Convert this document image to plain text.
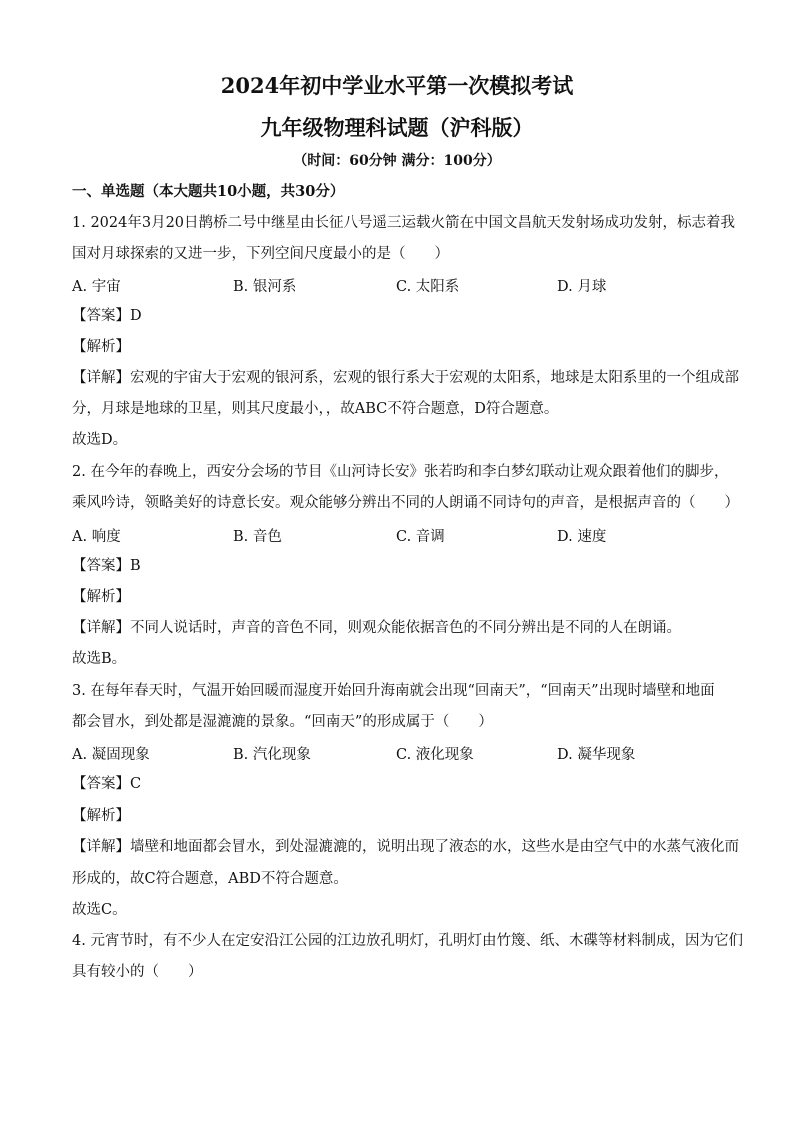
2024年初中学业水平第一次模拟考试
九年级物理科试题（沪科版）
（时间：60分钟 满分：100分）
一、单选题（本大题共10小题，共30分）
1. 2024年3月20日鹊桥二号中继星由长征八号遥三运载火箭在中国文昌航天发射场成功发射，标志着我
国对月球探索的又进一步，下列空间尺度最小的是（　　）
A. 宇宙	B. 银河系	C. 太阳系	D. 月球
【答案】D
【解析】
【详解】宏观的宇宙大于宏观的银河系，宏观的银行系大于宏观的太阳系，地球是太阳系里的一个组成部
分，月球是地球的卫星，则其尺度最小，，故ABC不符合题意，D符合题意。
故选D。
2. 在今年的春晚上，西安分会场的节目《山河诗长安》张若昀和李白梦幻联动让观众跟着他们的脚步，
乘风吟诗，领略美好的诗意长安。观众能够分辨出不同的人朗诵不同诗句的声音，是根据声音的（　　）
A. 响度	B. 音色	C. 音调	D. 速度
【答案】B
【解析】
【详解】不同人说话时，声音的音色不同，则观众能依据音色的不同分辨出是不同的人在朗诵。
故选B。
3. 在每年春天时，气温开始回暖而湿度开始回升海南就会出现“回南天”，“回南天”出现时墙壁和地面
都会冒水，到处都是湿漉漉的景象。“回南天”的形成属于（　　）
A. 凝固现象	B. 汽化现象	C. 液化现象	D. 凝华现象
【答案】C
【解析】
【详解】墙壁和地面都会冒水，到处湿漉漉的，说明出现了液态的水，这些水是由空气中的水蒸气液化而
形成的，故C符合题意，ABD不符合题意。
故选C。
4. 元宵节时，有不少人在定安沿江公园的江边放孔明灯，孔明灯由竹篾、纸、木碟等材料制成，因为它们
具有较小的（　　）
